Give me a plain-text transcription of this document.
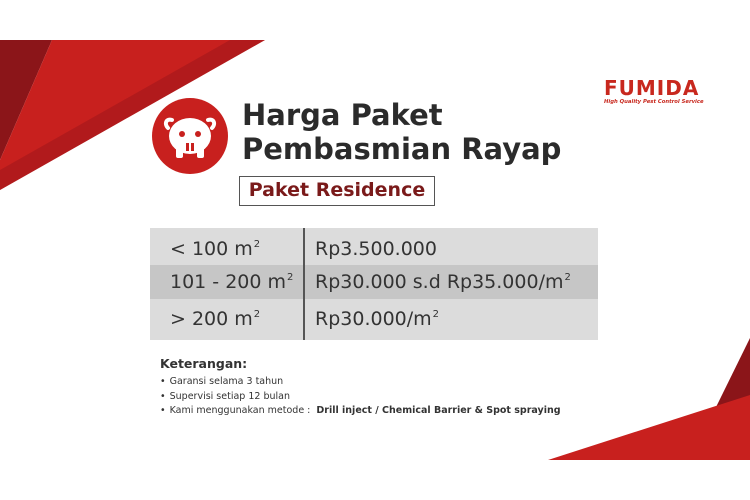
FUMIDA
High Quality Pest Control Service
Harga Paket
Pembasmian Rayap
Paket Residence
< 100 $m^2$	Rp3.500.000
101 - 200 $m^2$	Rp30.000 s.d $Rp35.000/m^2$
> 200 $m^2$	$Rp30.000/m^2$
Keterangan:
• Garansi selama 3 tahun
• Supervisi setiap 12 bulan
• Kami menggunakan metode : Drill inject / Chemical Barrier & Spot spraying
